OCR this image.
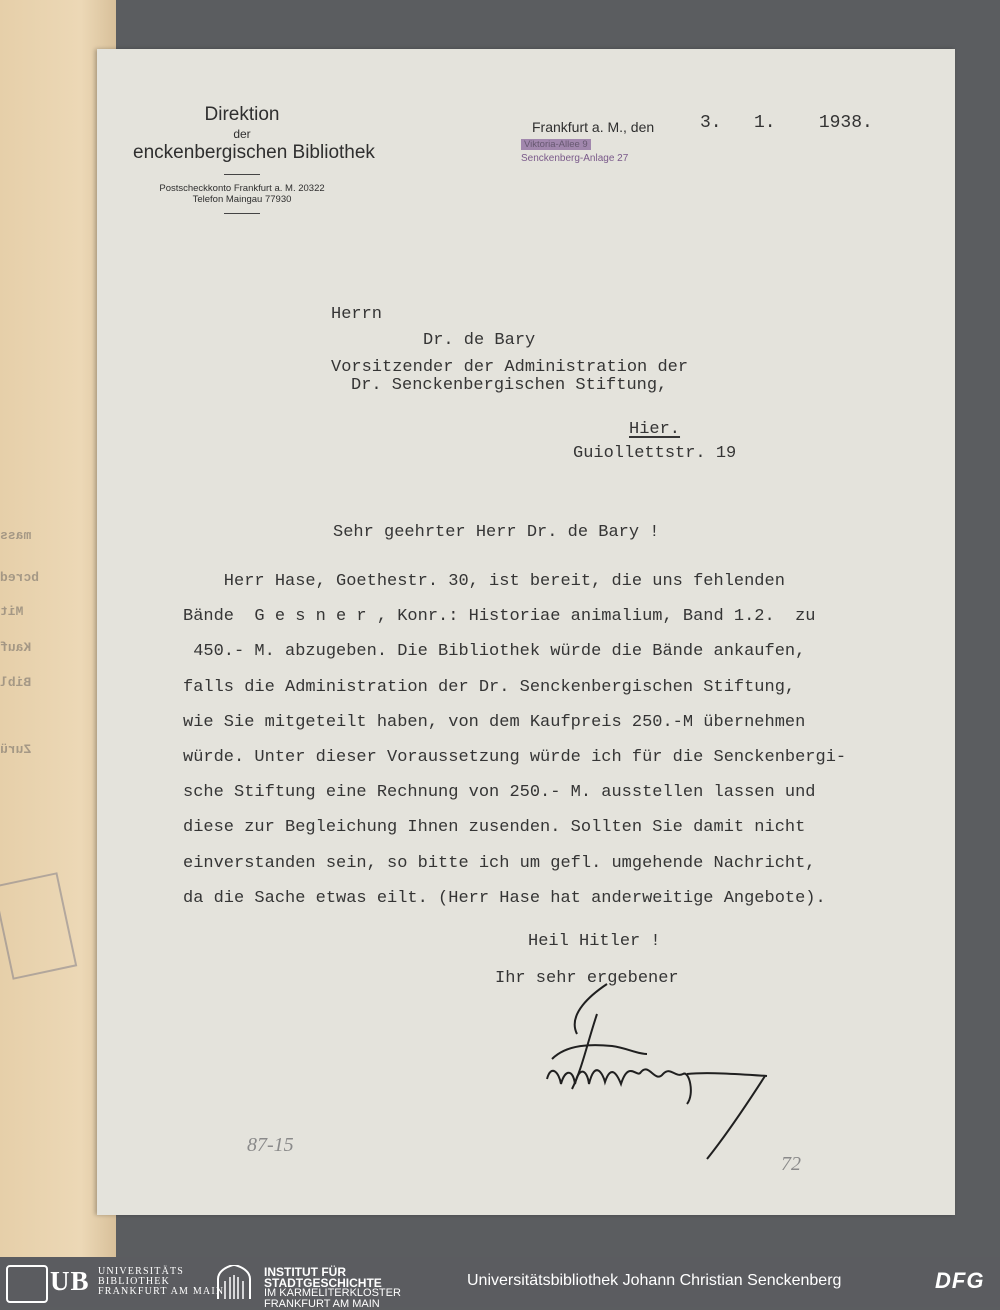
mass
bcred
Mit
Kauf
Bibl
Zurü
Direktion
der
enckenbergischen Bibliothek
Postscheckkonto Frankfurt a. M. 20322
Telefon Maingau 77930
Frankfurt a. M., den
Viktoria-Allee 9
Senckenberg-Anlage 27
3.   1.    1938.
Herrn
Dr. de Bary
Vorsitzender der Administration der
Dr. Senckenbergischen Stiftung,
Hier.
Guiollettstr. 19
Sehr geehrter Herr Dr. de Bary !
Herr Hase, Goethestr. 30, ist bereit, die uns fehlenden
Bände  G e s n e r , Konr.: Historiae animalium, Band 1.2.  zu
450.- M. abzugeben. Die Bibliothek würde die Bände ankaufen,
falls die Administration der Dr. Senckenbergischen Stiftung,
wie Sie mitgeteilt haben, von dem Kaufpreis 250.-M übernehmen
würde. Unter dieser Voraussetzung würde ich für die Senckenbergi-
sche Stiftung eine Rechnung von 250.- M. ausstellen lassen und
diese zur Begleichung Ihnen zusenden. Sollten Sie damit nicht
einverstanden sein, so bitte ich um gefl. umgehende Nachricht,
da die Sache etwas eilt. (Herr Hase hat anderweitige Angebote).
Heil Hitler !
Ihr sehr ergebener
87-15
72
UB UNIVERSITÄTS
BIBLIOTHEK
FRANKFURT AM MAIN
INSTITUT FÜR
STADTGESCHICHTE
IM KARMELITERKLOSTER
FRANKFURT AM MAIN
Universitätsbibliothek Johann Christian Senckenberg	DFG
